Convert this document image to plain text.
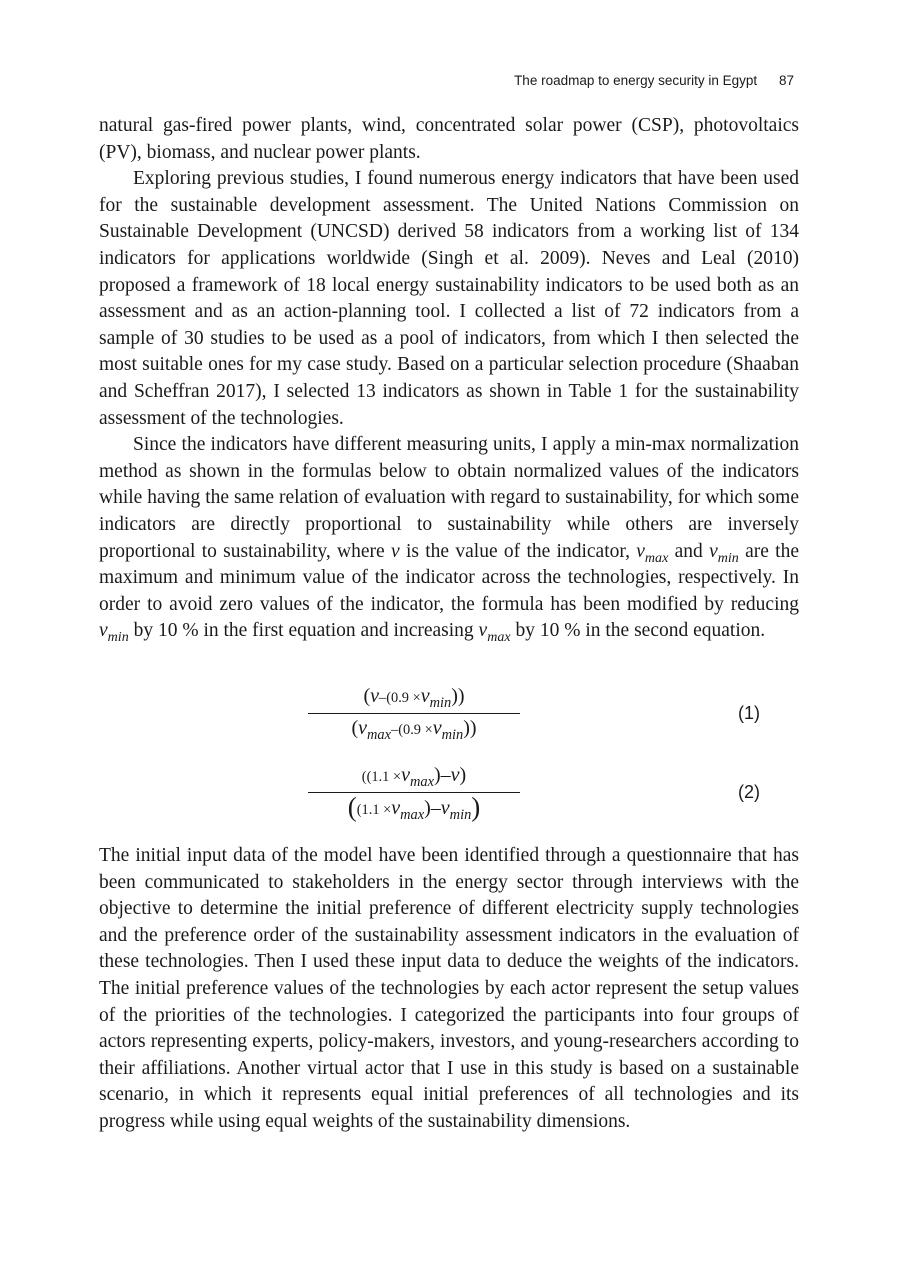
The roadmap to energy security in Egypt 87

natural gas-fired power plants, wind, concentrated solar power (CSP), photovoltaics (PV), biomass, and nuclear power plants.

Exploring previous studies, I found numerous energy indicators that have been used for the sustainable development assessment. The United Nations Commission on Sustainable Development (UNCSD) derived 58 indicators from a working list of 134 indicators for applications worldwide (Singh et al. 2009). Neves and Leal (2010) proposed a framework of 18 local energy sustainability indicators to be used both as an assessment and as an action-planning tool. I collected a list of 72 indicators from a sample of 30 studies to be used as a pool of indicators, from which I then selected the most suitable ones for my case study. Based on a particular selection procedure (Shaaban and Scheffran 2017), I selected 13 indicators as shown in Table 1 for the sustainability assessment of the technologies.

Since the indicators have different measuring units, I apply a min-max normalization method as shown in the formulas below to obtain normalized values of the indicators while having the same relation of evaluation with regard to sustainability, for which some indicators are directly proportional to sustainability while others are inversely proportional to sustainability, where v is the value of the indicator, $v_{max}$ and $v_{min}$ are the maximum and minimum value of the indicator across the technologies, respectively. In order to avoid zero values of the indicator, the formula has been modified by reducing $v_{min}$ by 10 % in the first equation and increasing $v_{max}$ by 10 % in the second equation.

$(v-(0.9 \times v_{min}))$
$(v_{max}-(0.9 \times v_{min}))$
(1)
$((1.1 \times v_{max})-v)$
$((1.1 \times v_{max})-v_{min})$
(2)

The initial input data of the model have been identified through a questionnaire that has been communicated to stakeholders in the energy sector through interviews with the objective to determine the initial preference of different electricity supply technologies and the preference order of the sustainability assessment indicators in the evaluation of these technologies. Then I used these input data to deduce the weights of the indicators. The initial preference values of the technologies by each actor represent the setup values of the priorities of the technologies. I categorized the participants into four groups of actors representing experts, policy-makers, investors, and young-researchers according to their affiliations. Another virtual actor that I use in this study is based on a sustainable scenario, in which it represents equal initial preferences of all technologies and its progress while using equal weights of the sustainability dimensions.
